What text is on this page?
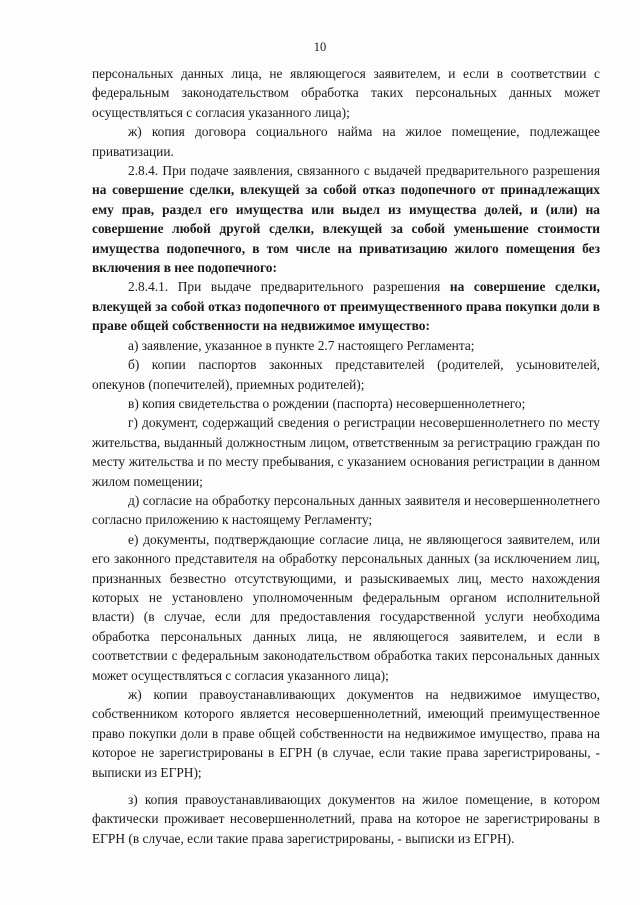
10

персональных данных лица, не являющегося заявителем, и если в соответствии с федеральным законодательством обработка таких персональных данных может осуществляться с согласия указанного лица);

ж) копия договора социального найма на жилое помещение, подлежащее приватизации.

2.8.4. При подаче заявления, связанного с выдачей предварительного разрешения на совершение сделки, влекущей за собой отказ подопечного от принадлежащих ему прав, раздел его имущества или выдел из имущества долей, и (или) на совершение любой другой сделки, влекущей за собой уменьшение стоимости имущества подопечного, в том числе на приватизацию жилого помещения без включения в нее подопечного:

2.8.4.1. При выдаче предварительного разрешения на совершение сделки, влекущей за собой отказ подопечного от преимущественного права покупки доли в праве общей собственности на недвижимое имущество:

а) заявление, указанное в пункте 2.7 настоящего Регламента;

б) копии паспортов законных представителей (родителей, усыновителей, опекунов (попечителей), приемных родителей);

в) копия свидетельства о рождении (паспорта) несовершеннолетнего;

г) документ, содержащий сведения о регистрации несовершеннолетнего по месту жительства, выданный должностным лицом, ответственным за регистрацию граждан по месту жительства и по месту пребывания, с указанием основания регистрации в данном жилом помещении;

д) согласие на обработку персональных данных заявителя и несовершеннолетнего согласно приложению к настоящему Регламенту;

е) документы, подтверждающие согласие лица, не являющегося заявителем, или его законного представителя на обработку персональных данных (за исключением лиц, признанных безвестно отсутствующими, и разыскиваемых лиц, место нахождения которых не установлено уполномоченным федеральным органом исполнительной власти) (в случае, если для предоставления государственной услуги необходима обработка персональных данных лица, не являющегося заявителем, и если в соответствии с федеральным законодательством обработка таких персональных данных может осуществляться с согласия указанного лица);

ж) копии правоустанавливающих документов на недвижимое имущество, собственником которого является несовершеннолетний, имеющий преимущественное право покупки доли в праве общей собственности на недвижимое имущество, права на которое не зарегистрированы в ЕГРН (в случае, если такие права зарегистрированы, - выписки из ЕГРН);

з) копия правоустанавливающих документов на жилое помещение, в котором фактически проживает несовершеннолетний, права на которое не зарегистрированы в ЕГРН (в случае, если такие права зарегистрированы, - выписки из ЕГРН).
